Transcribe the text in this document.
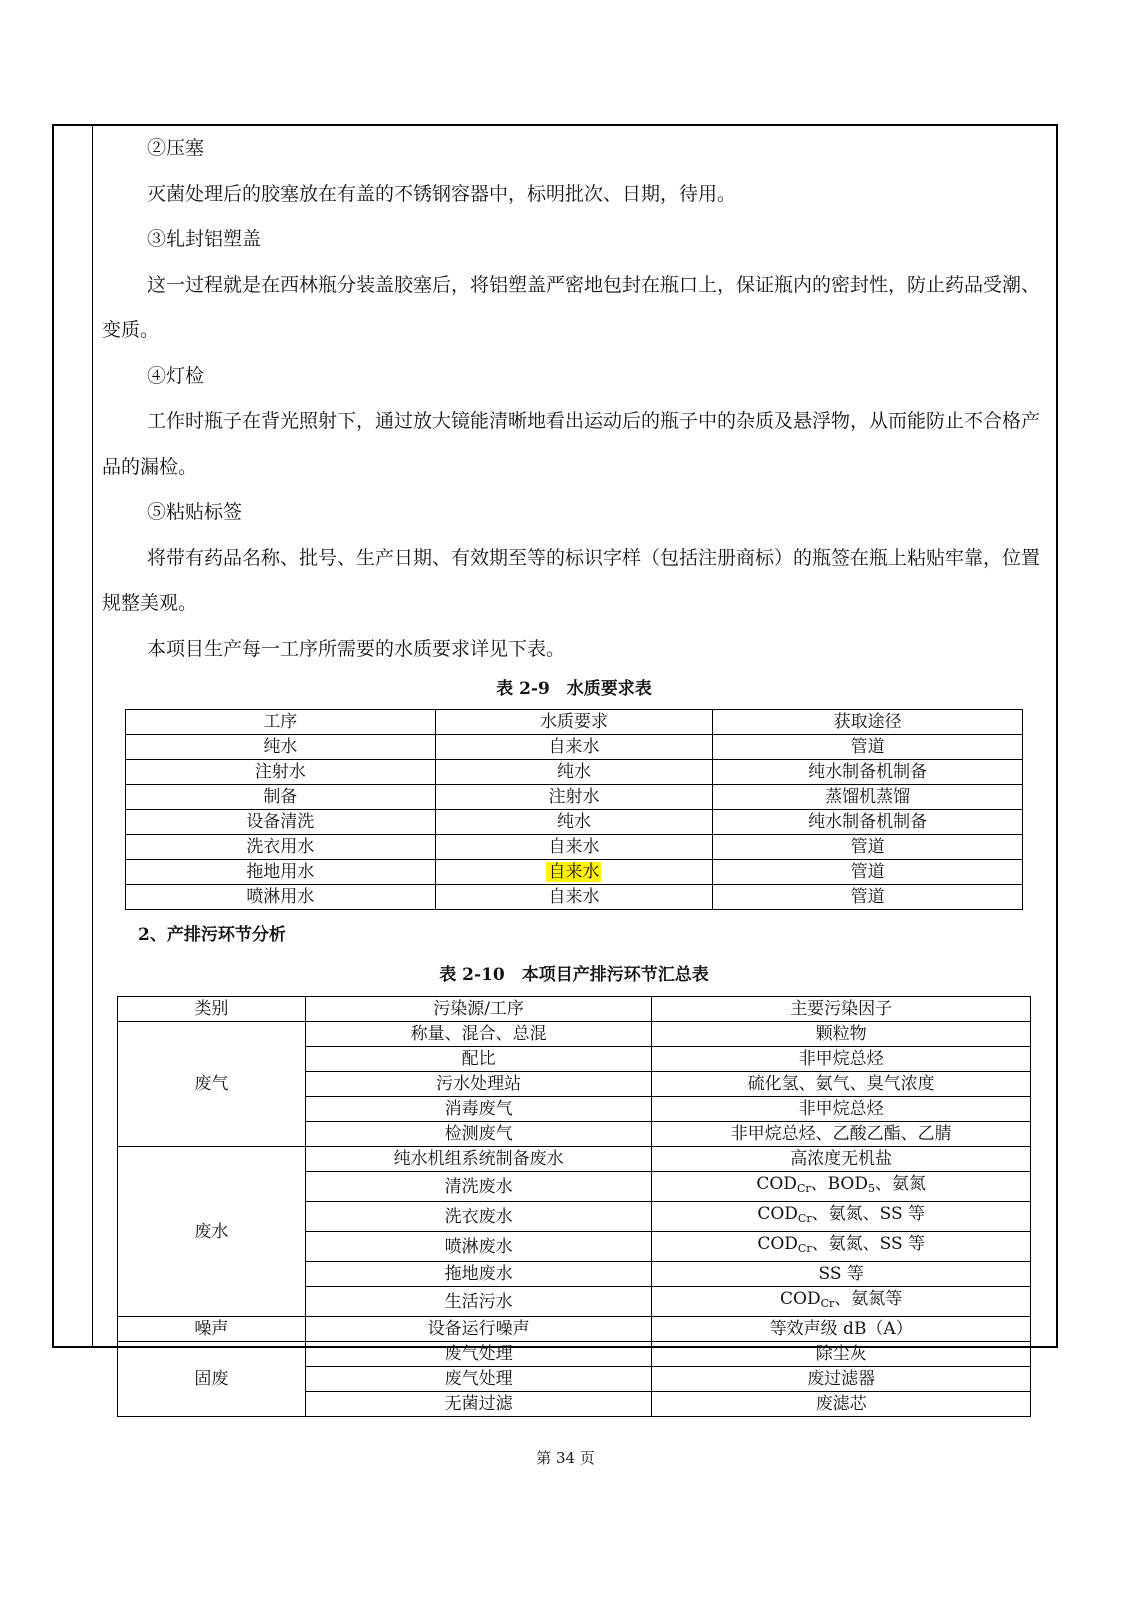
②压塞

灭菌处理后的胶塞放在有盖的不锈钢容器中，标明批次、日期，待用。

③轧封铝塑盖

这一过程就是在西林瓶分装盖胶塞后，将铝塑盖严密地包封在瓶口上，保证瓶内的密封性，防止药品受潮、变质。

④灯检

工作时瓶子在背光照射下，通过放大镜能清晰地看出运动后的瓶子中的杂质及悬浮物，从而能防止不合格产品的漏检。

⑤粘贴标签

将带有药品名称、批号、生产日期、有效期至等的标识字样（包括注册商标）的瓶签在瓶上粘贴牢靠，位置规整美观。

本项目生产每一工序所需要的水质要求详见下表。

表 2-9　水质要求表
工序	水质要求	获取途径
纯水	自来水	管道
注射水	纯水	纯水制备机制备
制备	注射水	蒸馏机蒸馏
设备清洗	纯水	纯水制备机制备
洗衣用水	自来水	管道
拖地用水	自来水	管道
喷淋用水	自来水	管道
2、产排污环节分析
表 2-10　本项目产排污环节汇总表
类别	污染源/工序	主要污染因子
废气	称量、混合、总混	颗粒物
	配比	非甲烷总烃
	污水处理站	硫化氢、氨气、臭气浓度
	消毒废气	非甲烷总烃
	检测废气	非甲烷总烃、乙酸乙酯、乙腈
废水	纯水机组系统制备废水	高浓度无机盐
	清洗废水	$COD_{Cr}$、$BOD_5$、氨氮
	洗衣废水	$COD_{Cr}$、氨氮、SS 等
	喷淋废水	$COD_{Cr}$、氨氮、SS 等
	拖地废水	SS 等
	生活污水	$COD_{Cr}$、氨氮等
噪声	设备运行噪声	等效声级 dB（A）
固废	废气处理	除尘灰
	废气处理	废过滤器
	无菌过滤	废滤芯
第 34 页
